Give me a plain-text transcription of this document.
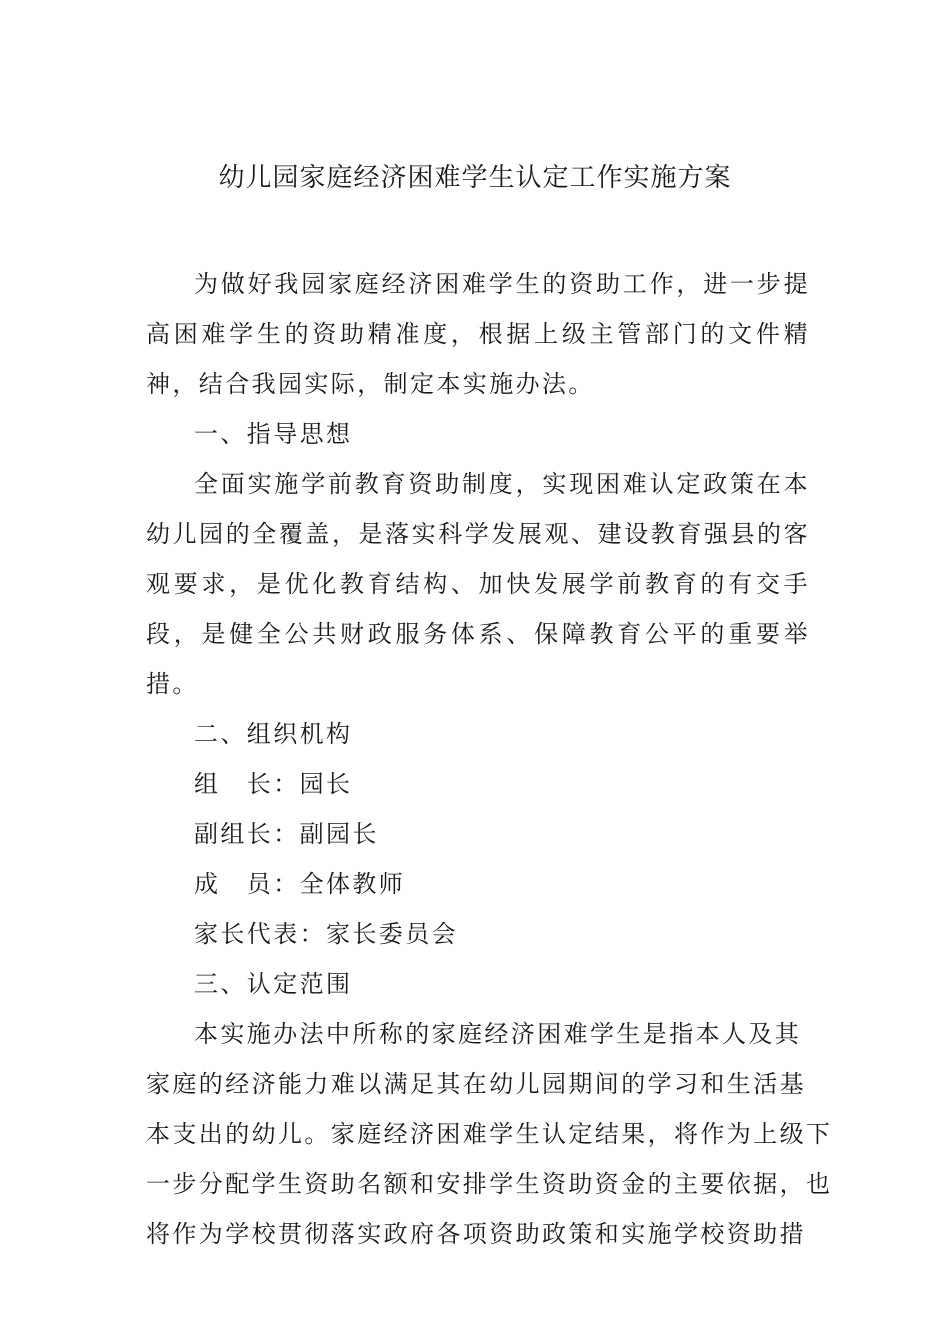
幼儿园家庭经济困难学生认定工作实施方案

为做好我园家庭经济困难学生的资助工作，进一步提高困难学生的资助精准度，根据上级主管部门的文件精神，结合我园实际，制定本实施办法。

一、指导思想

全面实施学前教育资助制度，实现困难认定政策在本幼儿园的全覆盖，是落实科学发展观、建设教育强县的客观要求，是优化教育结构、加快发展学前教育的有交手段，是健全公共财政服务体系、保障教育公平的重要举措。

二、组织机构

组　长：园长

副组长：副园长

成　员：全体教师

家长代表：家长委员会

三、认定范围

本实施办法中所称的家庭经济困难学生是指本人及其
家庭的经济能力难以满足其在幼儿园期间的学习和生活基
本支出的幼儿。家庭经济困难学生认定结果，将作为上级下
一步分配学生资助名额和安排学生资助资金的主要依据，也
将作为学校贯彻落实政府各项资助政策和实施学校资助措
